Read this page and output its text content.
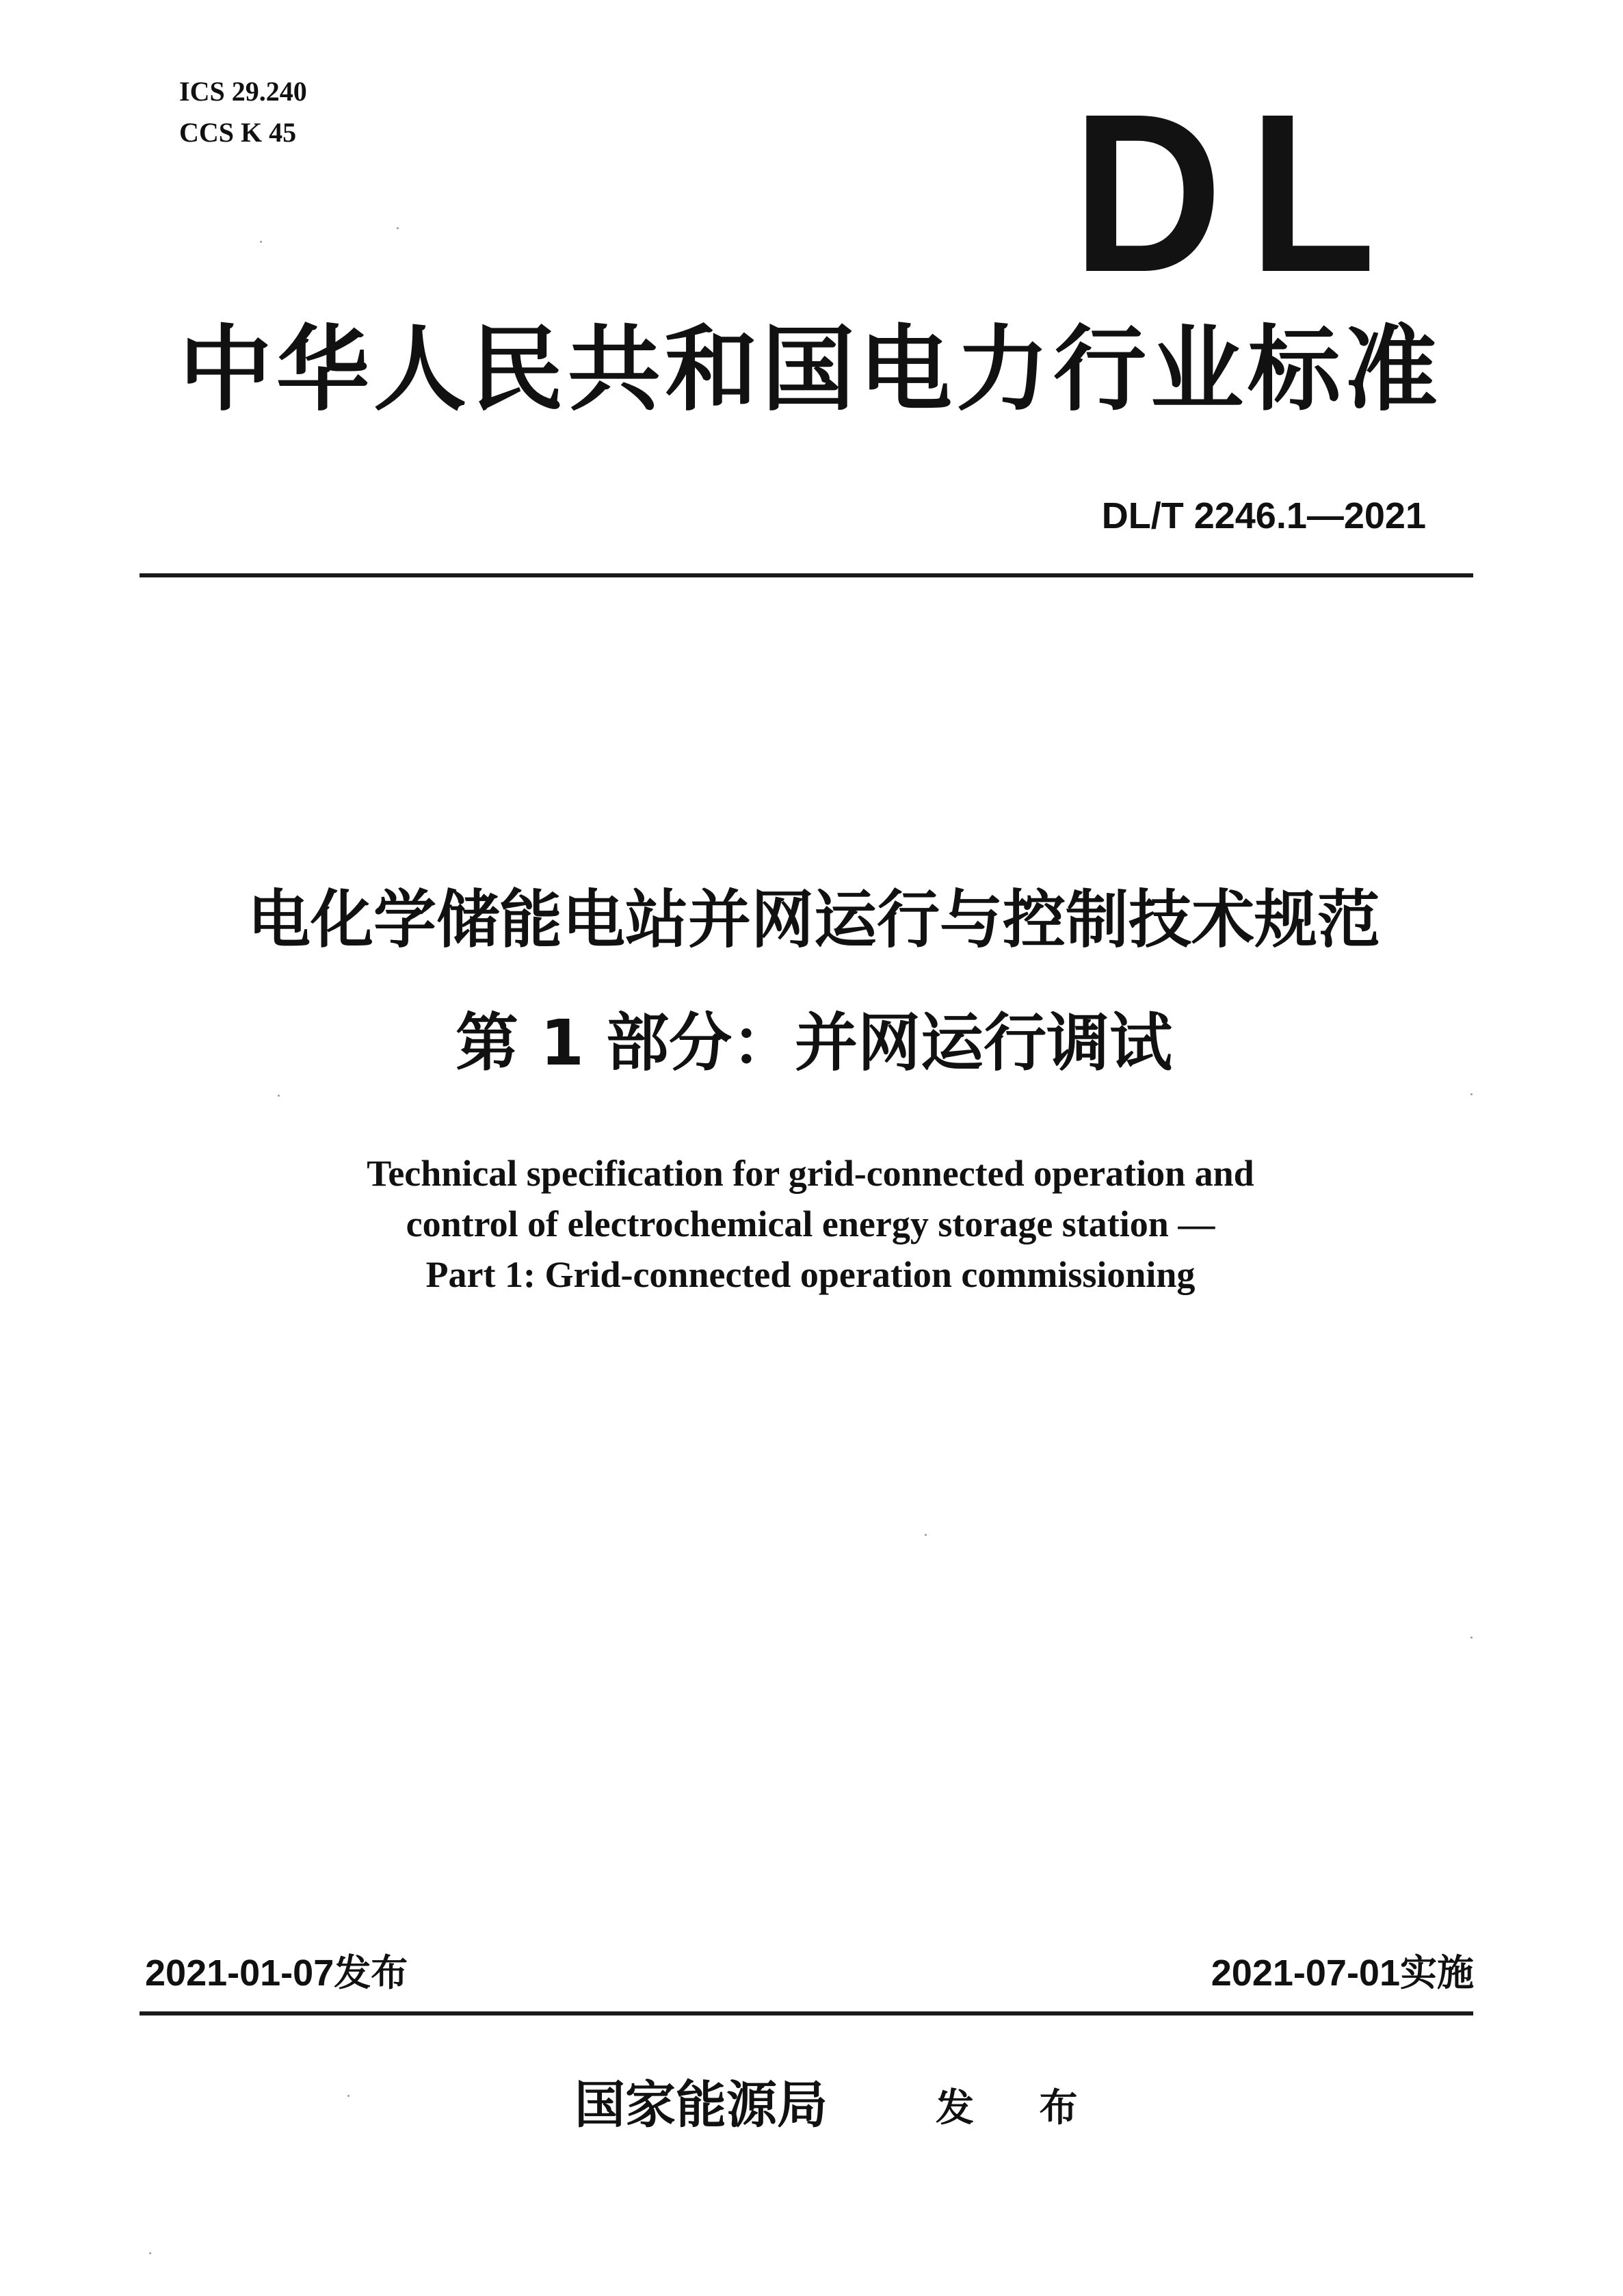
ICS 29.240
CCS K 45	D L
中华人民共和国电力行业标准
DL/T 2246.1—2021
电化学储能电站并网运行与控制技术规范
第 1 部分：并网运行调试
Technical specification for grid-connected operation and
control of electrochemical energy storage station —
Part 1: Grid-connected operation commissioning
2021-01-07发布	2021-07-01实施
国家能源局	发 布
